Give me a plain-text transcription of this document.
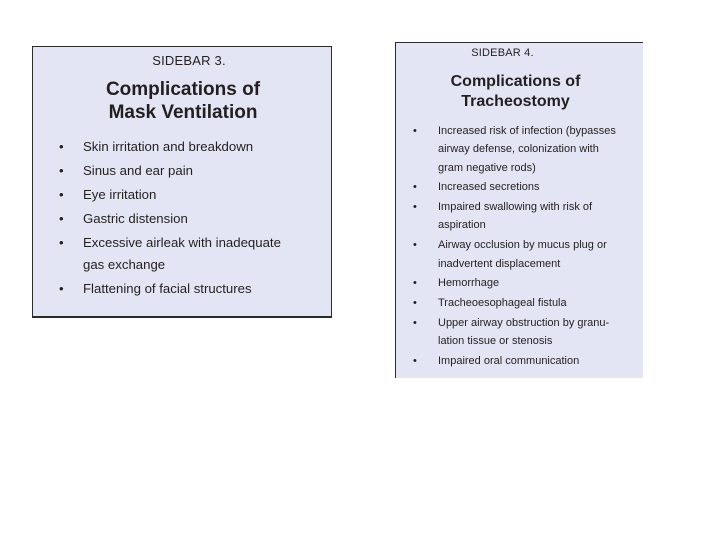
SIDEBAR 3.
Complications of
Mask Ventilation
• Skin irritation and breakdown
• Sinus and ear pain
• Eye irritation
• Gastric distension
• Excessive airleak with inadequate
gas exchange
• Flattening of facial structures
SIDEBAR 4.
Complications of
Tracheostomy
• Increased risk of infection (bypasses
airway defense, colonization with
gram negative rods)
• Increased secretions
• Impaired swallowing with risk of
aspiration
• Airway occlusion by mucus plug or
inadvertent displacement
• Hemorrhage
• Tracheoesophageal fistula
• Upper airway obstruction by granu-
lation tissue or stenosis
• Impaired oral communication
